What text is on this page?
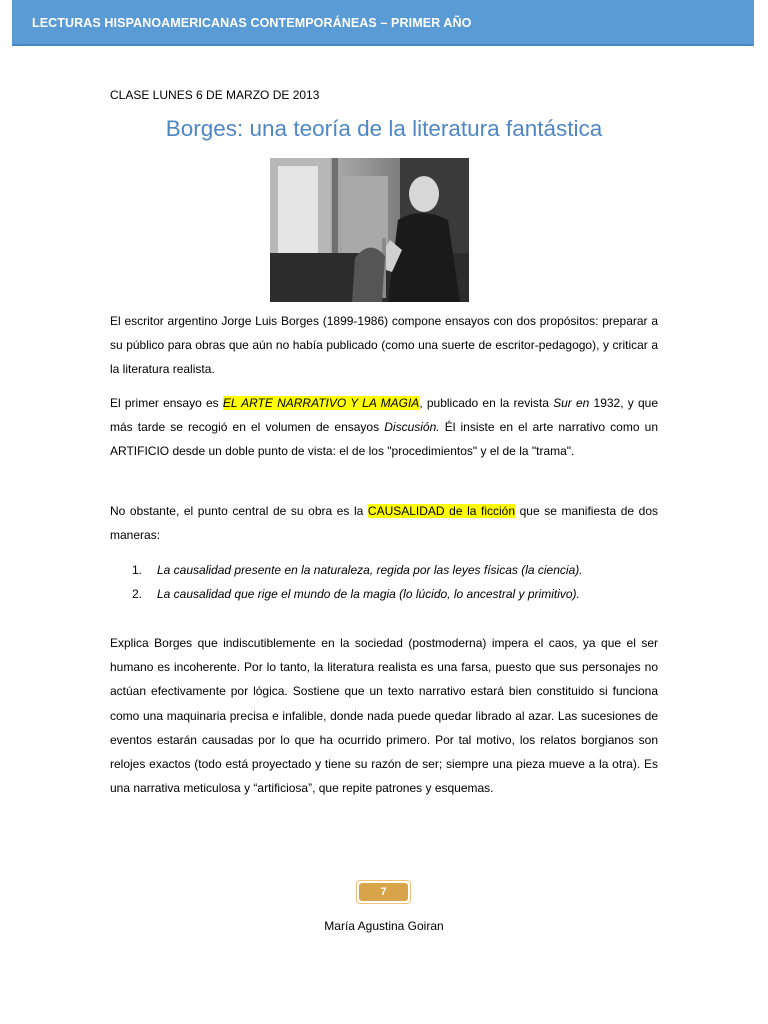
LECTURAS HISPANOAMERICANAS CONTEMPORÁNEAS – PRIMER AÑO
CLASE LUNES 6 DE MARZO DE 2013
Borges: una teoría de la literatura fantástica

El escritor argentino Jorge Luis Borges (1899-1986) compone ensayos con dos propósitos: preparar a su público para obras que aún no había publicado (como una suerte de escritor-pedagogo), y criticar a la literatura realista.

El primer ensayo es EL ARTE NARRATIVO Y LA MAGIA, publicado en la revista Sur en 1932, y que más tarde se recogió en el volumen de ensayos Discusión. Él insiste en el arte narrativo como un ARTIFICIO desde un doble punto de vista: el de los "procedimientos" y el de la "trama".

No obstante, el punto central de su obra es la CAUSALIDAD de la ficción que se manifiesta de dos maneras:

1. La causalidad presente en la naturaleza, regida por las leyes físicas (la ciencia).
2. La causalidad que rige el mundo de la magia (lo lúcido, lo ancestral y primitivo).

Explica Borges que indiscutiblemente en la sociedad (postmoderna) impera el caos, ya que el ser humano es incoherente. Por lo tanto, la literatura realista es una farsa, puesto que sus personajes no actúan efectivamente por lógica. Sostiene que un texto narrativo estará bien constituido si funciona como una maquinaria precisa e infalible, donde nada puede quedar librado al azar. Las sucesiones de eventos estarán causadas por lo que ha ocurrido primero. Por tal motivo, los relatos borgianos son relojes exactos (todo está proyectado y tiene su razón de ser; siempre una pieza mueve a la otra). Es una narrativa meticulosa y “artificiosa”, que repite patrones y esquemas.

7
María Agustina Goiran
